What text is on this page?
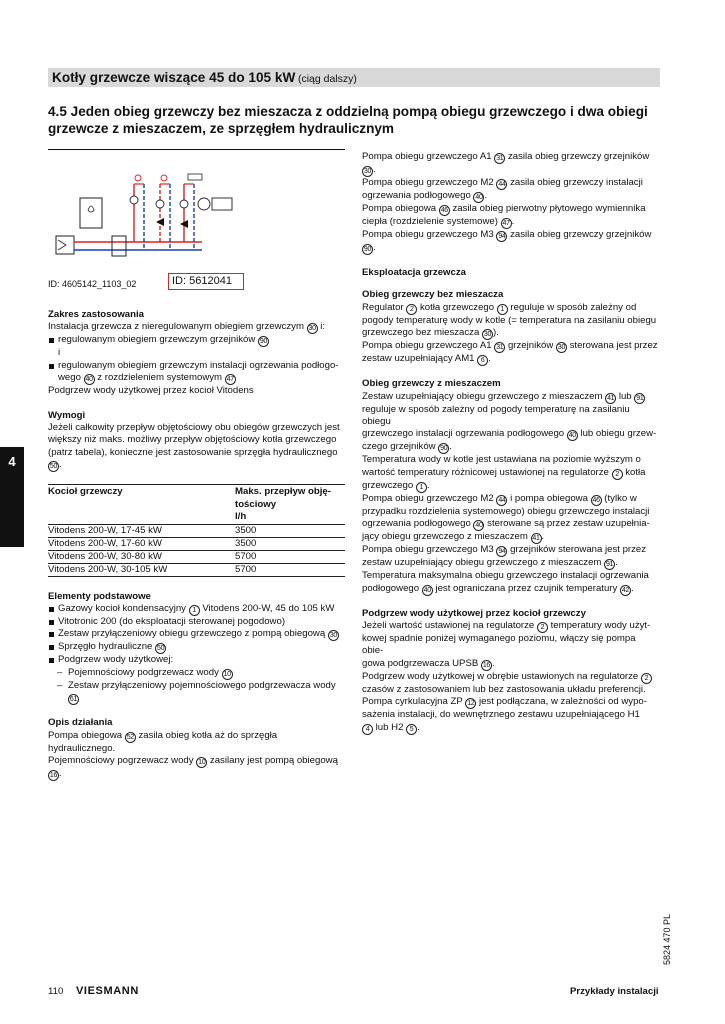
Kotły grzewcze wiszące 45 do 105 kW (ciąg dalszy)
4.5 Jeden obieg grzewczy bez mieszacza z oddzielną pompą obiegu grzewczego i dwa obiegi grzewcze z mieszaczem, ze sprzęgłem hydraulicznym
ID: 4605142_1103_02	ID: 5612041
Zakres zastosowania

Instalacja grzewcza z nieregulowanym obiegiem grzewczym 30 i:

regulowanym obiegiem grzewczym grzejników 90

i

regulowanym obiegiem grzewczym instalacji ogrzewania podłogo-

wego 40 z rozdzieleniem systemowym 47

Podgrzew wody użytkowej przez kocioł Vitodens

Wymogi

Jeżeli całkowity przepływ objętościowy obu obiegów grzewczych jest
większy niż maks. możliwy przepływ objętościowy kotła grzewczego
(patrz tabela), konieczne jest zastosowanie sprzęgła hydraulicznego
50 .

Kocioł grzewczy	Maks. przepływ obję-
tościowy
l/h
Vitodens 200-W, 17-45 kW	3500
Vitodens 200-W, 17-60 kW	3500
Vitodens 200-W, 30-80 kW	5700
Vitodens 200-W, 30-105 kW	5700
Elementy podstawowe

Gazowy kocioł kondensacyjny 1 Vitodens 200-W, 45 do 105 kW

Vitotronic 200 (do eksploatacji sterowanej pogodowo)

Zestaw przyłączeniowy obiegu grzewczego z pompą obiegową 30

Sprzęgło hydrauliczne 50

Podgrzew wody użytkowej:

– Pojemnościowy podgrzewacz wody 10

– Zestaw przyłączeniowy pojemnościowego podgrzewacza wody
61

Opis działania

Pompa obiegowa 52 zasila obieg kotła aż do sprzęgła hydraulicznego.
Pojemnościowy pogrzewacz wody 10 zasilany jest pompą obiegową
16 .

Pompa obiegu grzewczego A1 31 zasila obieg grzewczy grzejników
30 .

Pompa obiegu grzewczego M2 44 zasila obieg grzewczy instalacji
ogrzewania podłogowego 40 .

Pompa obiegowa 46 zasila obieg pierwotny płytowego wymiennika
ciepła (rozdzielenie systemowe) 47 .

Pompa obiegu grzewczego M3 94 zasila obieg grzewczy grzejników
90 .

Eksploatacja grzewcza
Obieg grzewczy bez mieszacza

Regulator 2 kotła grzewczego 1 reguluje w sposób zależny od
pogody temperaturę wody w kotle (= temperatura na zasilaniu obiegu
grzewczego bez mieszacza 30 ).
Pompa obiegu grzewczego A1 31 grzejników 30 sterowana jest przez
zestaw uzupełniający AM1 6 .

Obieg grzewczy z mieszaczem

Zestaw uzupełniający obiegu grzewczego z mieszaczem 41 lub 91
reguluje w sposób zależny od pogody temperaturę na zasilaniu obiegu
grzewczego instalacji ogrzewania podłogowego 40 lub obiegu grzew-
czego grzejników 90 .
Temperatura wody w kotle jest ustawiana na poziomie wyższym o
wartość temperatury różnicowej ustawionej na regulatorze 2 kotła
grzewczego 1 .
Pompa obiegu grzewczego M2 44 i pompa obiegowa 46 (tylko w
przypadku rozdzielenia systemowego) obiegu grzewczego instalacji
ogrzewania podłogowego 40 sterowane są przez zestaw uzupełnia-
jący obiegu grzewczego z mieszaczem 41 .
Pompa obiegu grzewczego M3 94 grzejników sterowana jest przez
zestaw uzupełniający obiegu grzewczego z mieszaczem 91 .
Temperatura maksymalna obiegu grzewczego instalacji ogrzewania
podłogowego 40 jest ograniczana przez czujnik temperatury 42 .

Podgrzew wody użytkowej przez kocioł grzewczy

Jeżeli wartość ustawionej na regulatorze 2 temperatury wody użyt-
kowej spadnie poniżej wymaganego poziomu, włączy się pompa obie-
gowa podgrzewacza UPSB 16 .
Podgrzew wody użytkowej w obrębie ustawionych na regulatorze 2
czasów z zastosowaniem lub bez zastosowania układu preferencji.
Pompa cyrkulacyjna ZP 12 jest podłączana, w zależności od wypo-
sażenia instalacji, do wewnętrznego zestawu uzupełniającego H1
4 lub H2 5 .

4
5824 470 PL
110 VIESMANN	Przykłady instalacji
